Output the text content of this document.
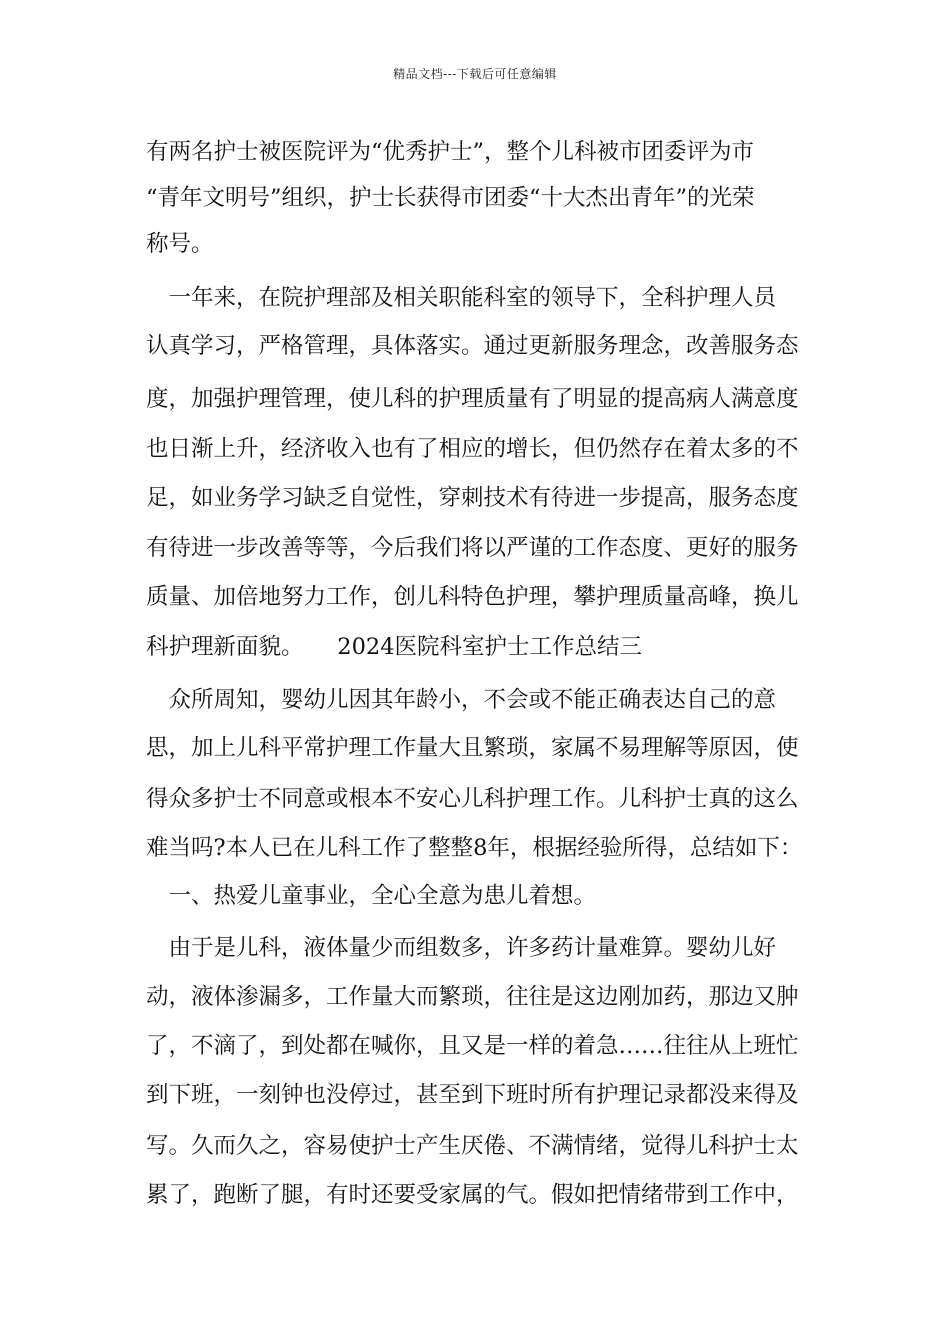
精品文档---下载后可任意编辑
有两名护士被医院评为“优秀护士”，整个儿科被市团委评为市
“青年文明号”组织，护士长获得市团委“十大杰出青年”的光荣
称号。
　一年来，在院护理部及相关职能科室的领导下，全科护理人员
认真学习，严格管理，具体落实。通过更新服务理念，改善服务态
度，加强护理管理，使儿科的护理质量有了明显的提高病人满意度
也日渐上升，经济收入也有了相应的增长，但仍然存在着太多的不
足，如业务学习缺乏自觉性，穿刺技术有待进一步提高，服务态度
有待进一步改善等等，今后我们将以严谨的工作态度、更好的服务
质量、加倍地努力工作，创儿科特色护理，攀护理质量高峰，换儿
科护理新面貌。　　2024医院科室护士工作总结三
　众所周知，婴幼儿因其年龄小，不会或不能正确表达自己的意
思，加上儿科平常护理工作量大且繁琐，家属不易理解等原因，使
得众多护士不同意或根本不安心儿科护理工作。儿科护士真的这么
难当吗?本人已在儿科工作了整整8年，根据经验所得，总结如下：
　一、热爱儿童事业，全心全意为患儿着想。
　由于是儿科，液体量少而组数多，许多药计量难算。婴幼儿好
动，液体渗漏多，工作量大而繁琐，往往是这边刚加药，那边又肿
了，不滴了，到处都在喊你，且又是一样的着急……往往从上班忙
到下班，一刻钟也没停过，甚至到下班时所有护理记录都没来得及
写。久而久之，容易使护士产生厌倦、不满情绪，觉得儿科护士太
累了，跑断了腿，有时还要受家属的气。假如把情绪带到工作中，
